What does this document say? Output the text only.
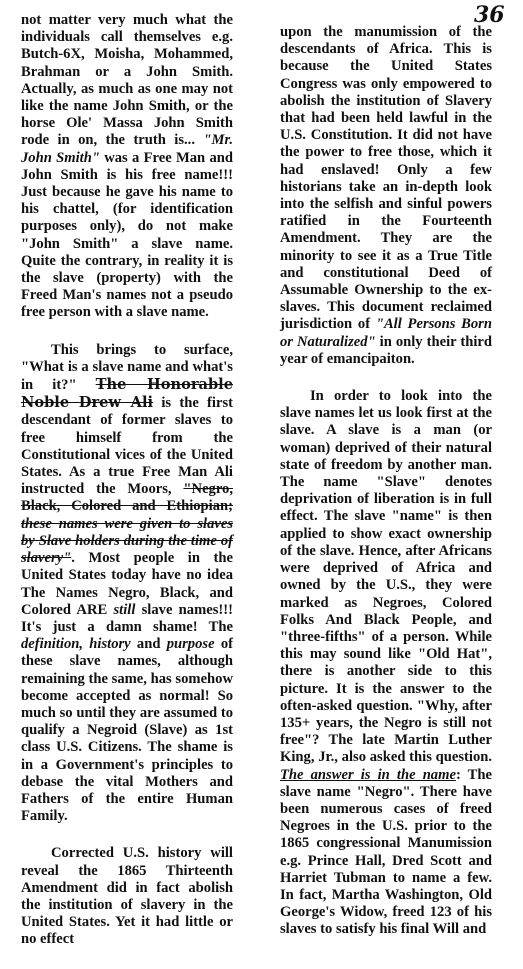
36

not matter very much what the individuals call themselves e.g. Butch-6X, Moisha, Mohammed, Brahman or a John Smith. Actually, as much as one may not like the name John Smith, or the horse Ole' Massa John Smith rode in on, the truth is... "Mr. John Smith" was a Free Man and John Smith is his free name!!! Just because he gave his name to his chattel, (for identification purposes only), do not make "John Smith" a slave name. Quite the contrary, in reality it is the slave (property) with the Freed Man's names not a pseudo free person with a slave name.

This brings to surface, "What is a slave name and what's in it?" The Honorable Noble Drew Ali is the first descendant of former slaves to free himself from the Constitutional vices of the United States. As a true Free Man Ali instructed the Moors, "Negro, Black, Colored and Ethiopian; these names were given to slaves by Slave holders during the time of slavery". Most people in the United States today have no idea The Names Negro, Black, and Colored ARE still slave names!!! It's just a damn shame! The definition, history and purpose of these slave names, although remaining the same, has somehow become accepted as normal! So much so until they are assumed to qualify a Negroid (Slave) as 1st class U.S. Citizens. The shame is in a Government's principles to debase the vital Mothers and Fathers of the entire Human Family.

Corrected U.S. history will reveal the 1865 Thirteenth Amendment did in fact abolish the institution of slavery in the United States. Yet it had little or no effect

upon the manumission of the descendants of Africa. This is because the United States Congress was only empowered to abolish the institution of Slavery that had been held lawful in the U.S. Constitution. It did not have the power to free those, which it had enslaved! Only a few historians take an in-depth look into the selfish and sinful powers ratified in the Fourteenth Amendment. They are the minority to see it as a True Title and constitutional Deed of Assumable Ownership to the ex-slaves. This document reclaimed jurisdiction of "All Persons Born or Naturalized" in only their third year of emancipaiton.

In order to look into the slave names let us look first at the slave. A slave is a man (or woman) deprived of their natural state of freedom by another man. The name "Slave" denotes deprivation of liberation is in full effect. The slave "name" is then applied to show exact ownership of the slave. Hence, after Africans were deprived of Africa and owned by the U.S., they were marked as Negroes, Colored Folks And Black People, and "three-fifths" of a person. While this may sound like "Old Hat", there is another side to this picture. It is the answer to the often-asked question. "Why, after 135+ years, the Negro is still not free"? The late Martin Luther King, Jr., also asked this question. The answer is in the name: The slave name "Negro". There have been numerous cases of freed Negroes in the U.S. prior to the 1865 congressional Manumission e.g. Prince Hall, Dred Scott and Harriet Tubman to name a few. In fact, Martha Washington, Old George's Widow, freed 123 of his slaves to satisfy his final Will and
